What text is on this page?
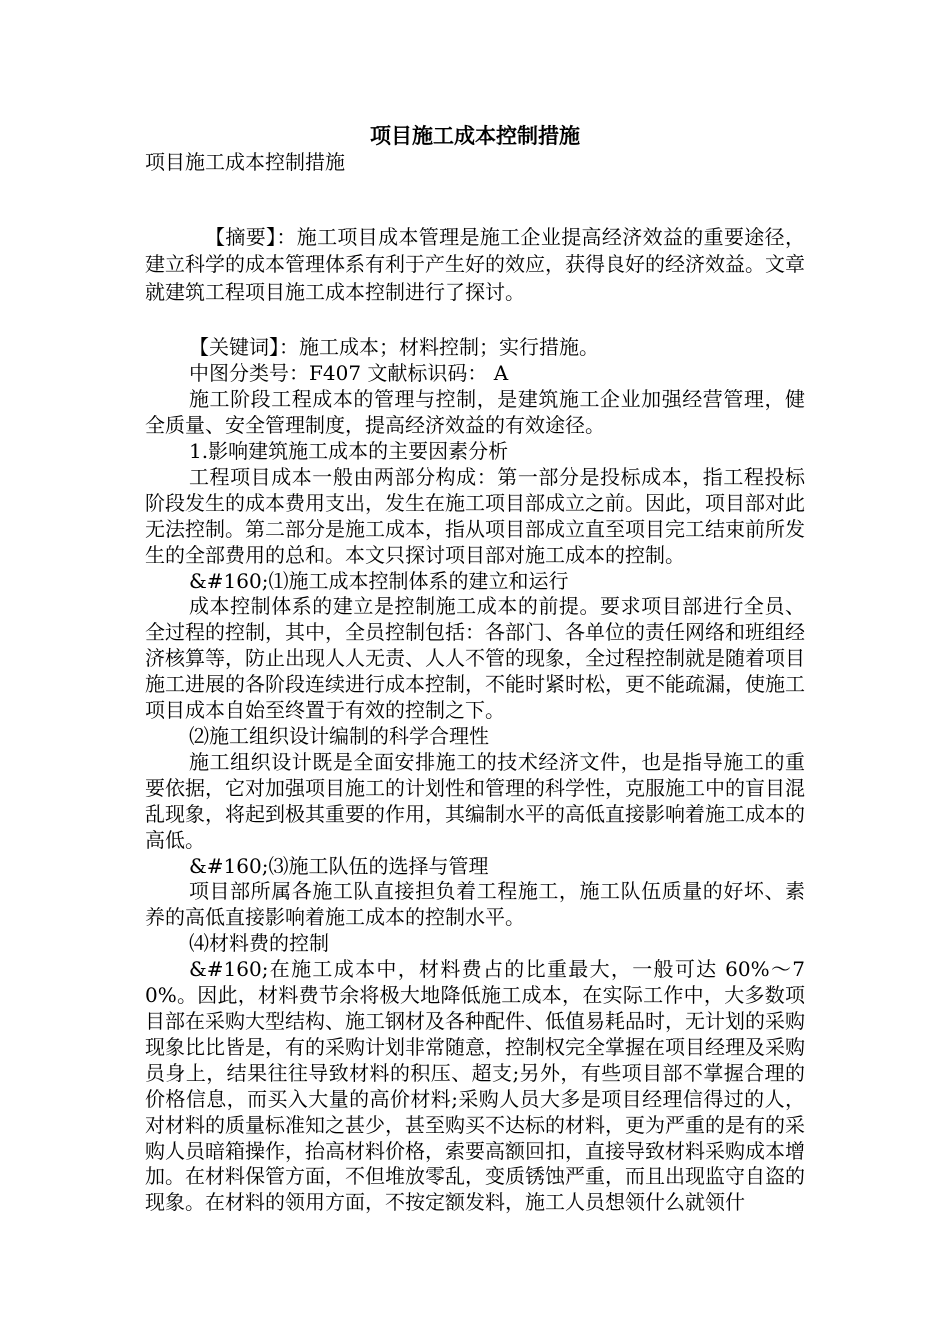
项目施工成本控制措施

项目施工成本控制措施

【摘要】：施工项目成本管理是施工企业提高经济效益的重要途径，建立科学的成本管理体系有利于产生好的效应，获得良好的经济效益。文章就建筑工程项目施工成本控制进行了探讨。

【关键词】：施工成本；材料控制；实行措施。

中图分类号：F407 文献标识码： A

施工阶段工程成本的管理与控制，是建筑施工企业加强经营管理，健全质量、安全管理制度，提高经济效益的有效途径。

1.影响建筑施工成本的主要因素分析

工程项目成本一般由两部分构成：第一部分是投标成本，指工程投标阶段发生的成本费用支出，发生在施工项目部成立之前。因此，项目部对此无法控制。第二部分是施工成本，指从项目部成立直至项目完工结束前所发生的全部费用的总和。本文只探讨项目部对施工成本的控制。

&#160;⑴施工成本控制体系的建立和运行

成本控制体系的建立是控制施工成本的前提。要求项目部进行全员、全过程的控制，其中，全员控制包括：各部门、各单位的责任网络和班组经济核算等，防止出现人人无责、人人不管的现象，全过程控制就是随着项目施工进展的各阶段连续进行成本控制，不能时紧时松，更不能疏漏，使施工项目成本自始至终置于有效的控制之下。

⑵施工组织设计编制的科学合理性

施工组织设计既是全面安排施工的技术经济文件，也是指导施工的重要依据，它对加强项目施工的计划性和管理的科学性，克服施工中的盲目混乱现象，将起到极其重要的作用，其编制水平的高低直接影响着施工成本的高低。

&#160;⑶施工队伍的选择与管理

项目部所属各施工队直接担负着工程施工，施工队伍质量的好坏、素养的高低直接影响着施工成本的控制水平。

⑷材料费的控制

&#160;在施工成本中，材料费占的比重最大，一般可达 60%～70%。因此，材料费节余将极大地降低施工成本，在实际工作中，大多数项目部在采购大型结构、施工钢材及各种配件、低值易耗品时，无计划的采购现象比比皆是，有的采购计划非常随意，控制权完全掌握在项目经理及采购员身上，结果往往导致材料的积压、超支;另外，有些项目部不掌握合理的价格信息，而买入大量的高价材料;采购人员大多是项目经理信得过的人，对材料的质量标准知之甚少，甚至购买不达标的材料，更为严重的是有的采购人员暗箱操作，抬高材料价格，索要高额回扣，直接导致材料采购成本增加。在材料保管方面，不但堆放零乱，变质锈蚀严重，而且出现监守自盗的现象。在材料的领用方面，不按定额发料，施工人员想领什么就领什
